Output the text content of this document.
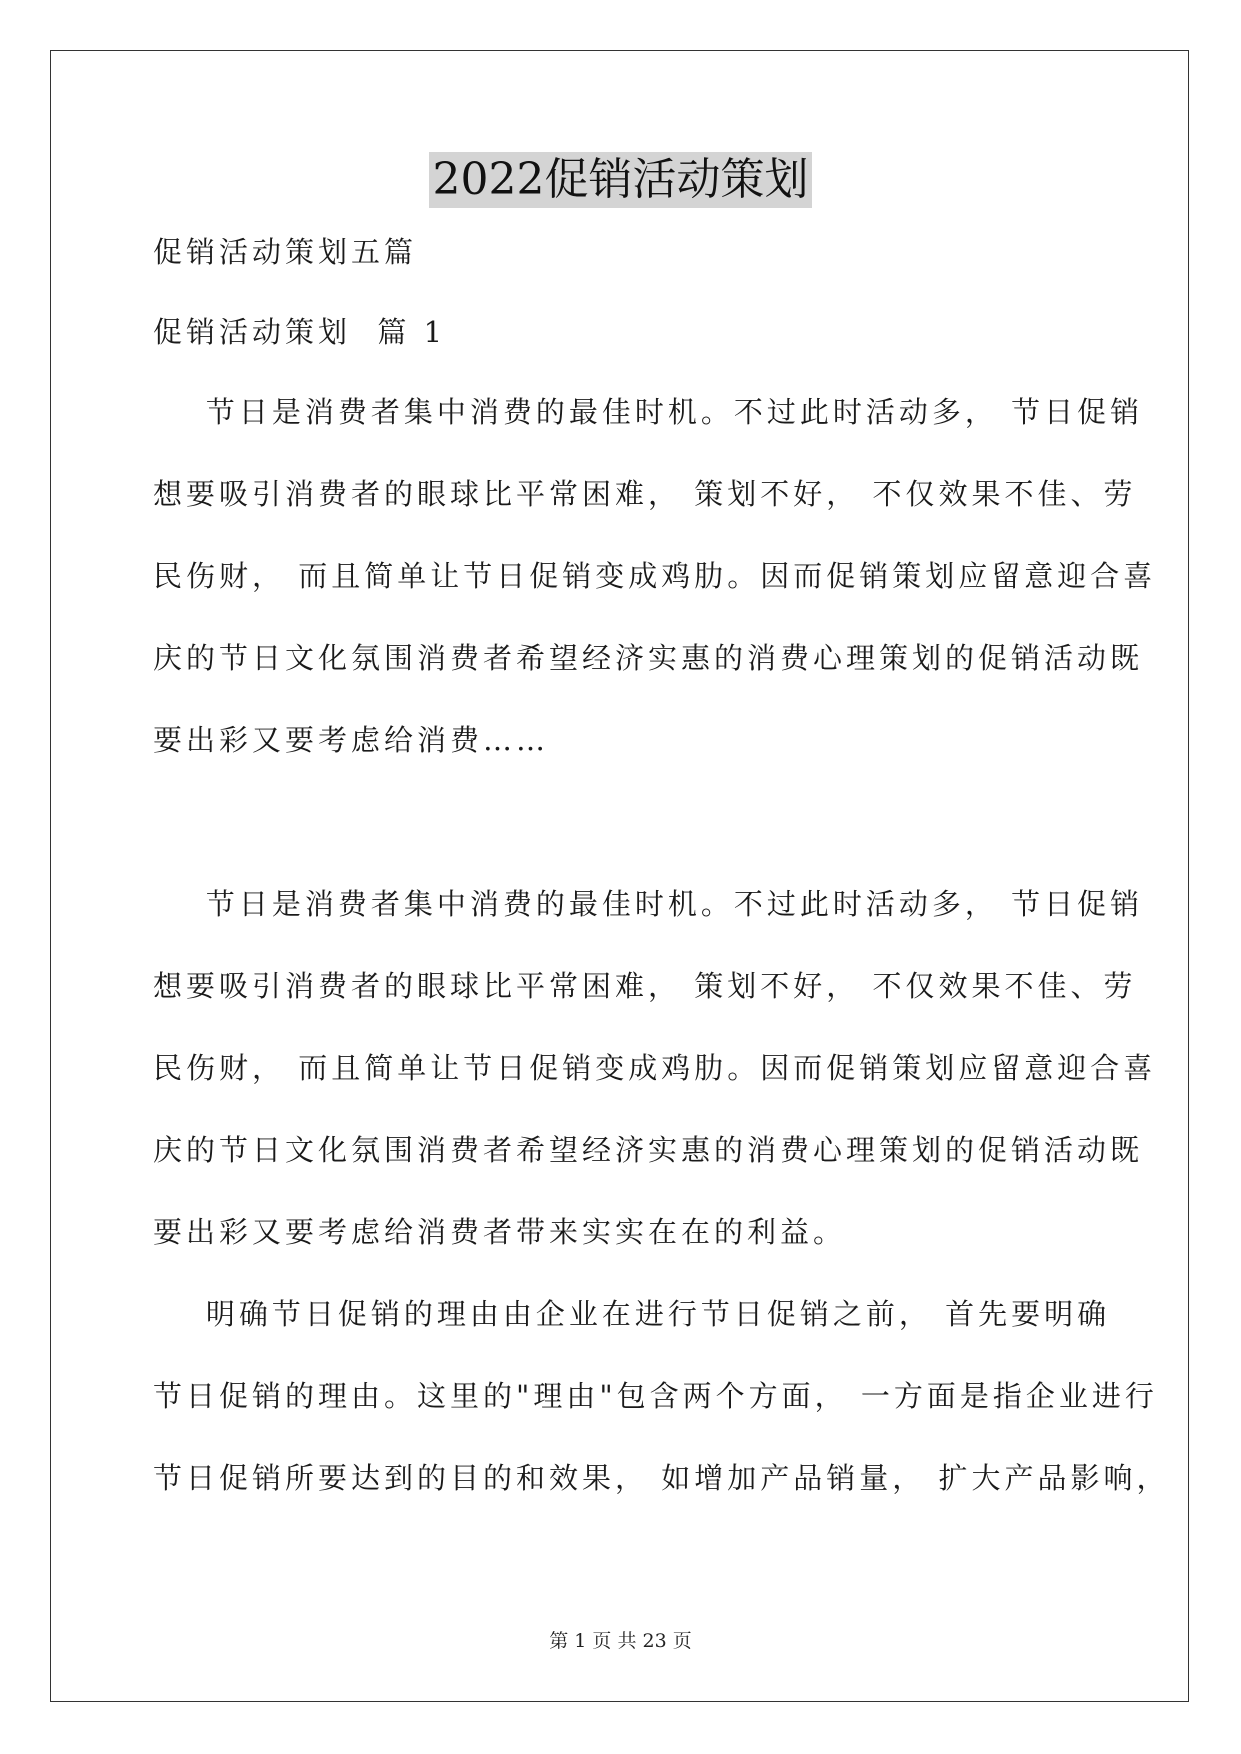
2022促销活动策划
促销活动策划五篇
促销活动策划  篇 1
节日是消费者集中消费的最佳时机。不过此时活动多， 节日促销
想要吸引消费者的眼球比平常困难， 策划不好， 不仅效果不佳、劳
民伤财， 而且简单让节日促销变成鸡肋。因而促销策划应留意迎合喜
庆的节日文化氛围消费者希望经济实惠的消费心理策划的促销活动既
要出彩又要考虑给消费……
节日是消费者集中消费的最佳时机。不过此时活动多， 节日促销
想要吸引消费者的眼球比平常困难， 策划不好， 不仅效果不佳、劳
民伤财， 而且简单让节日促销变成鸡肋。因而促销策划应留意迎合喜
庆的节日文化氛围消费者希望经济实惠的消费心理策划的促销活动既
要出彩又要考虑给消费者带来实实在在的利益。
明确节日促销的理由由企业在进行节日促销之前， 首先要明确
节日促销的理由。这里的"理由"包含两个方面， 一方面是指企业进行
节日促销所要达到的目的和效果， 如增加产品销量， 扩大产品影响，
第 1 页 共 23 页
